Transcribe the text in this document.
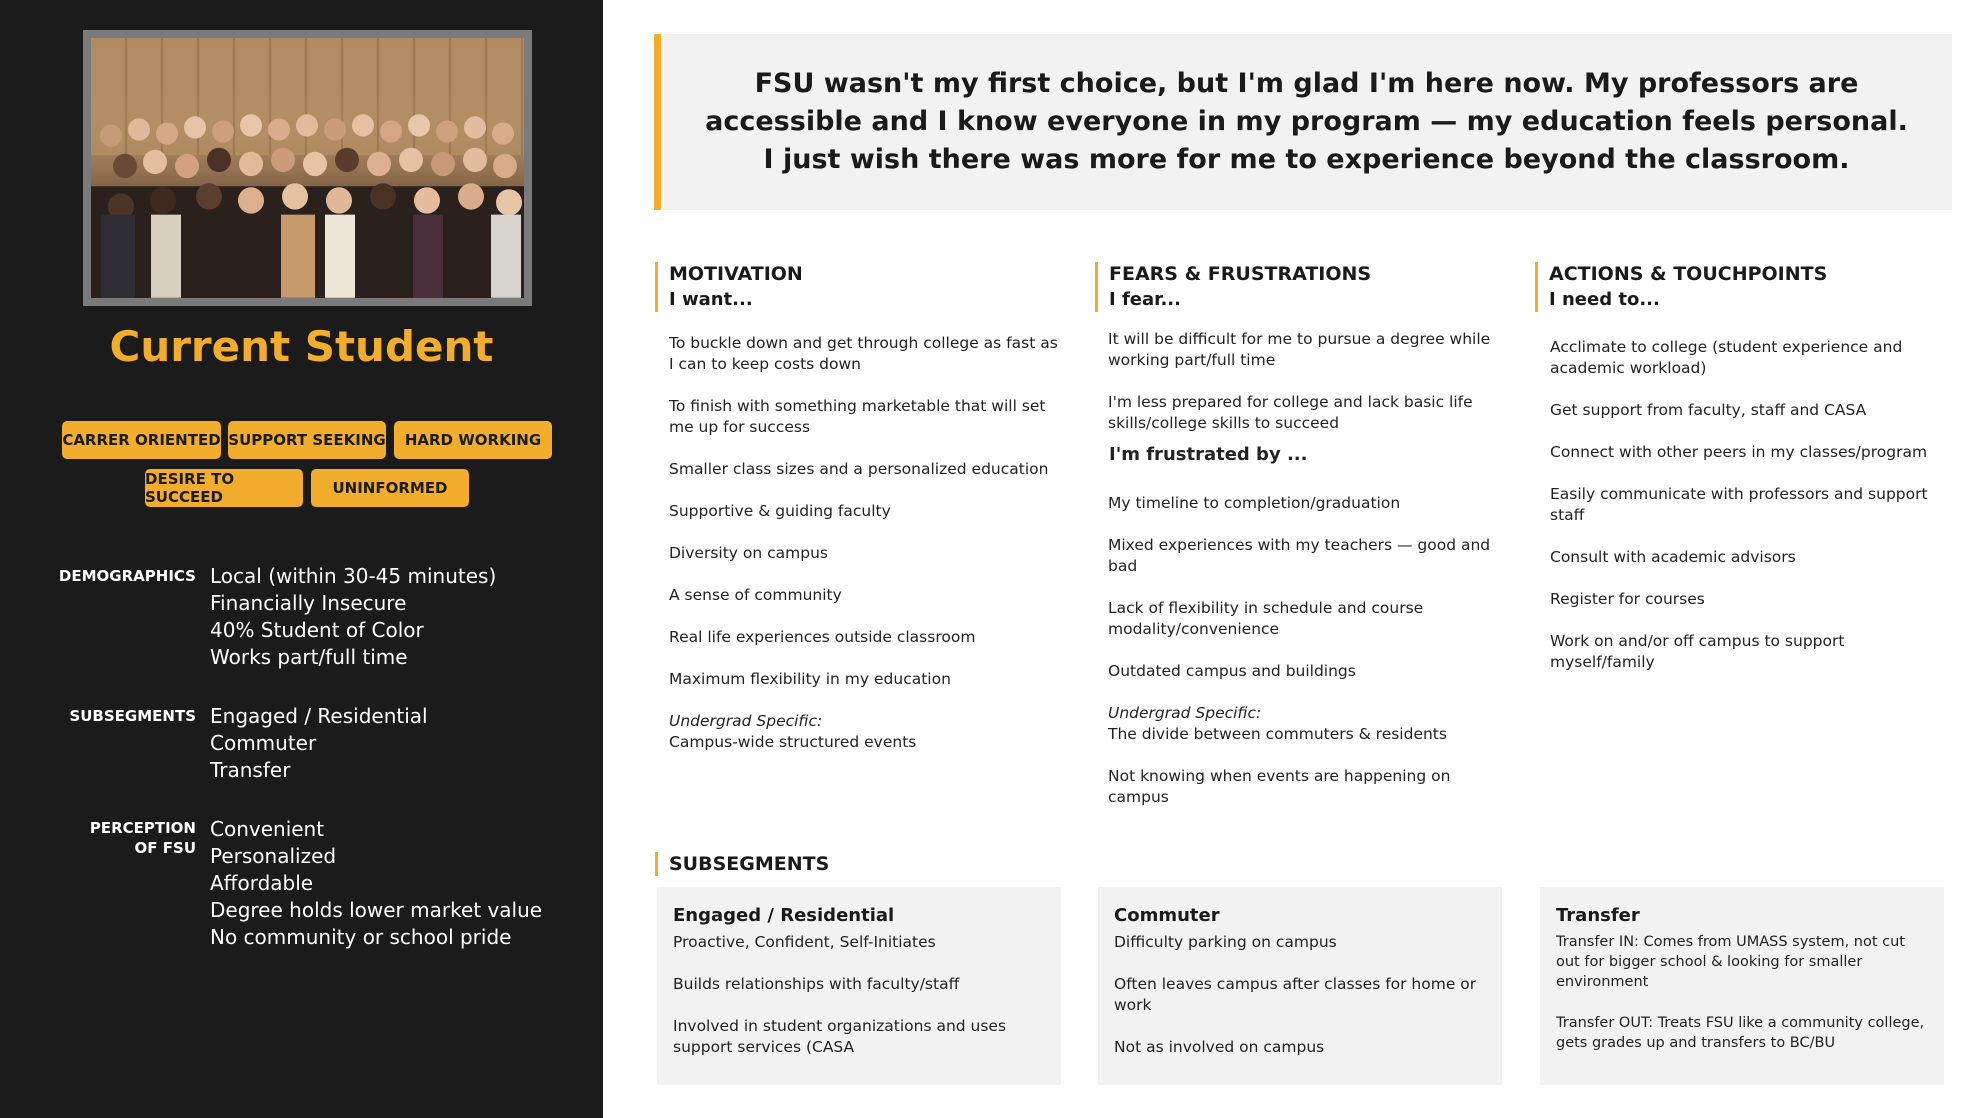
Current Student
CARRER ORIENTED SUPPORT SEEKING	HARD WORKING
DESIRE TO SUCCEED	UNINFORMED
DEMOGRAPHICS Local (within 30-45 minutes)
Financially Insecure
40% Student of Color
Works part/full time
SUBSEGMENTS Engaged / Residential
Commuter
Transfer
PERCEPTION
OF FSU
Convenient
Personalized
Affordable
Degree holds lower market value
No community or school pride

FSU wasn't my first choice, but I'm glad I'm here now. My professors are accessible and I know everyone in my program — my education feels personal. I just wish there was more for me to experience beyond the classroom.

MOTIVATION
I want...
To buckle down and get through college as fast as I can to keep costs down
To finish with something marketable that will set me up for success
Smaller class sizes and a personalized education
Supportive & guiding faculty
Diversity on campus
A sense of community
Real life experiences outside classroom
Maximum flexibility in my education
Undergrad Specific:
Campus-wide structured events
FEARS & FRUSTRATIONS
I fear...
It will be difficult for me to pursue a degree while working part/full time
I'm less prepared for college and lack basic life skills/college skills to succeed
I'm frustrated by ...
My timeline to completion/graduation
Mixed experiences with my teachers — good and bad
Lack of flexibility in schedule and course modality/convenience
Outdated campus and buildings
Undergrad Specific:
The divide between commuters & residents
Not knowing when events are happening on campus
ACTIONS & TOUCHPOINTS
I need to...
Acclimate to college (student experience and academic workload)
Get support from faculty, staff and CASA
Connect with other peers in my classes/program
Easily communicate with professors and support staff
Consult with academic advisors
Register for courses
Work on and/or off campus to support myself/family
SUBSEGMENTS
Engaged / Residential
Proactive, Confident, Self-Initiates
Builds relationships with faculty/staff
Involved in student organizations and uses support services (CASA
Commuter
Difficulty parking on campus
Often leaves campus after classes for home or work
Not as involved on campus
Transfer
Transfer IN: Comes from UMASS system, not cut out for bigger school & looking for smaller environment
Transfer OUT: Treats FSU like a community college, gets grades up and transfers to BC/BU
